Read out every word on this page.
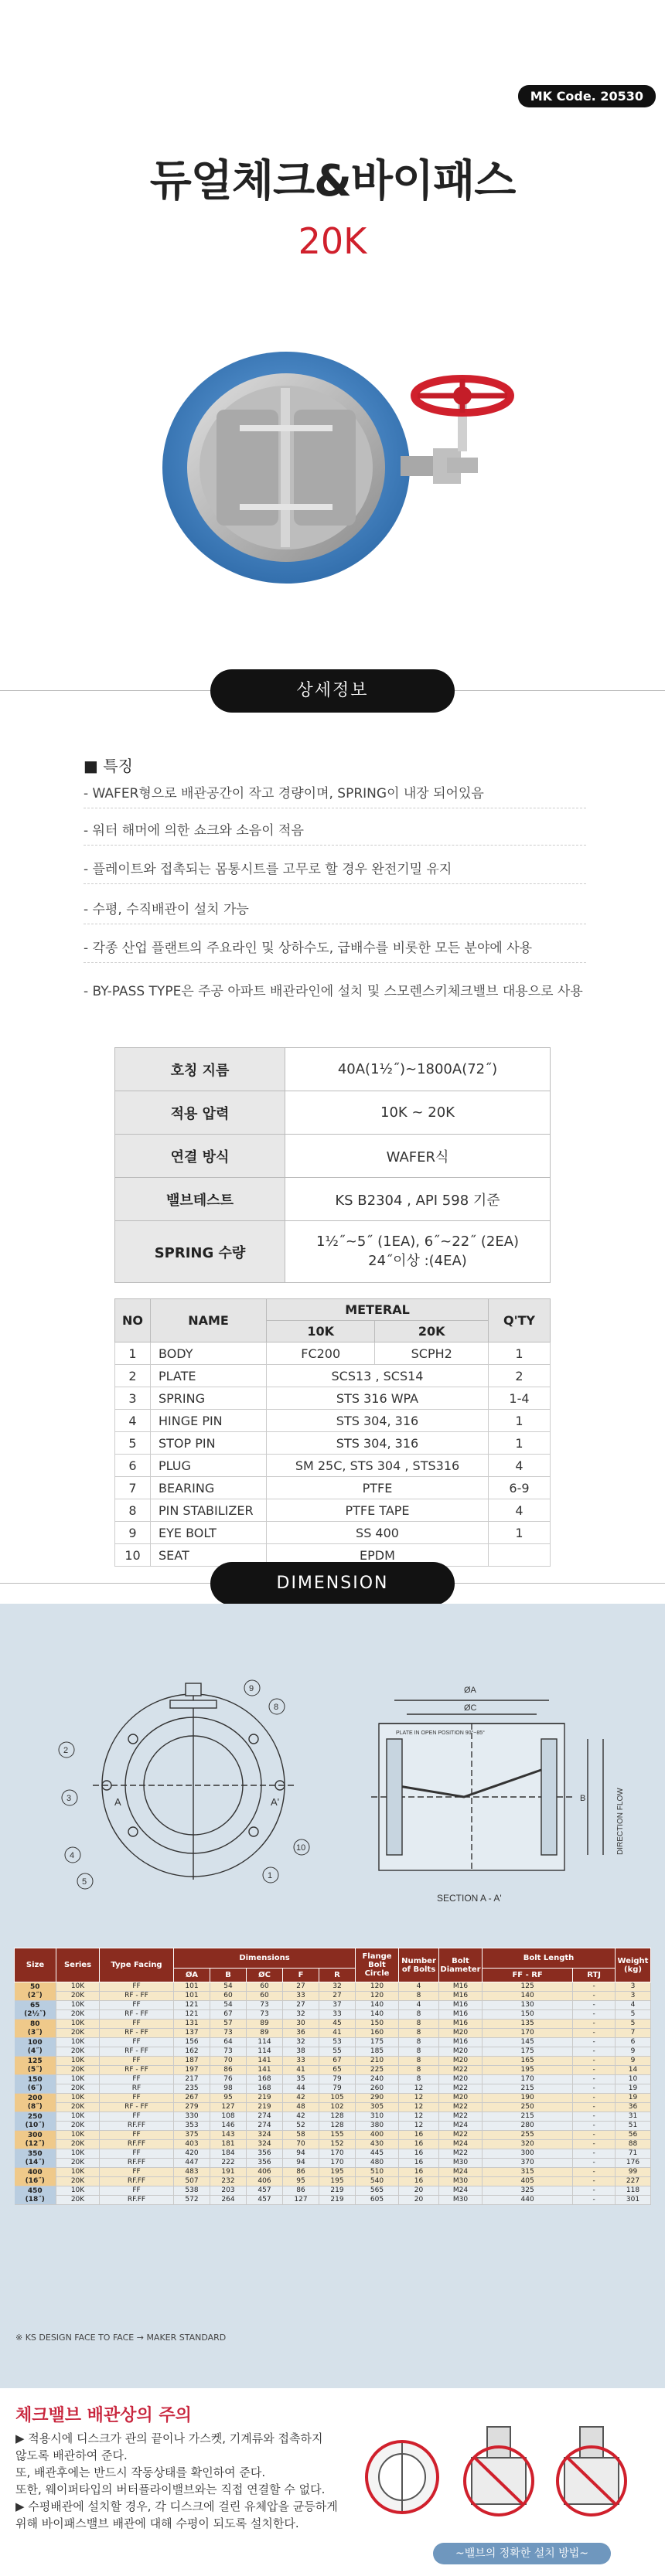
MK Code. 20530
듀얼체크&바이패스
20K
상세정보
■ 특징
- WAFER형으로 배관공간이 작고 경량이며, SPRING이 내장 되어있음
- 워터 해머에 의한 쇼크와 소음이 적음
- 플레이트와 접촉되는 몸통시트를 고무로 할 경우 완전기밀 유지
- 수평, 수직배관이 설치 가능
- 각종 산업 플랜트의 주요라인 및 상하수도, 급배수를 비롯한 모든 분야에 사용
- BY-PASS TYPE은 주공 아파트 배관라인에 설치 및 스모렌스키체크밸브 대용으로 사용
호칭 지름	40A(1½˝)~1800A(72˝)
적용 압력	10K ~ 20K
연결 방식	WAFER식
밸브테스트	KS B2304 , API 598 기준
SPRING 수량	1½˝~5˝ (1EA), 6˝~22˝ (2EA)
24˝이상 :(4EA)
NO	NAME	METERAL		Q'TY
		10K	20K	
1	BODY	FC200	SCPH2	1
2	PLATE	SCS13 , SCS14		2
3	SPRING	STS 316 WPA		1-4
4	HINGE PIN	STS 304, 316		1
5	STOP PIN	STS 304, 316		1
6	PLUG	SM 25C, STS 304 , STS316		4
7	BEARING	PTFE		6-9
8	PIN STABILIZER	PTFE TAPE		4
9	EYE BOLT	SS 400		1
10	SEAT	EPDM		
DIMENSION
9
8
2
3
4
5
10
1
A	A'
ØA
ØC
PLATE IN OPEN POSITION 90°~85°
B
SECTION A - A'
DIRECTION FLOW
Size	Series	Type Facing	Dimensions					Flange Bolt Circle	Number of Bolts	Bolt Diameter	Bolt Length		Weight (kg)
			ØA	B	ØC	F	R				FF - RF	RTJ	

50
(2˝)	10K	FF	101	54	60	27	32	120	4	M16	125	-	3
	20K	RF - FF	101	60	60	33	27	120	8	M16	140	-	3

65
(2½˝)	10K	FF	121	54	73	27	37	140	4	M16	130	-	4
	20K	RF - FF	121	67	73	32	33	140	8	M16	150	-	5

80
(3˝)	10K	FF	131	57	89	30	45	150	8	M16	135	-	5
	20K	RF - FF	137	73	89	36	41	160	8	M20	170	-	7

100
(4˝)	10K	FF	156	64	114	32	53	175	8	M16	145	-	6
	20K	RF - FF	162	73	114	38	55	185	8	M20	175	-	9

125
(5˝)	10K	FF	187	70	141	33	67	210	8	M20	165	-	9
	20K	RF - FF	197	86	141	41	65	225	8	M22	195	-	14

150
(6˝)	10K	FF	217	76	168	35	79	240	8	M20	170	-	10
	20K	RF	235	98	168	44	79	260	12	M22	215	-	19

200
(8˝)	10K	FF	267	95	219	42	105	290	12	M20	190	-	19
	20K	RF - FF	279	127	219	48	102	305	12	M22	250	-	36

250
(10˝)	10K	FF	330	108	274	42	128	310	12	M22	215	-	31
	20K	RF.FF	353	146	274	52	128	380	12	M24	280	-	51

300
(12˝)	10K	FF	375	143	324	58	155	400	16	M22	255	-	56
	20K	RF.FF	403	181	324	70	152	430	16	M24	320	-	88

350
(14˝)	10K	FF	420	184	356	94	170	445	16	M22	300	-	71
	20K	RF.FF	447	222	356	94	170	480	16	M30	370	-	176

400
(16˝)	10K	FF	483	191	406	86	195	510	16	M24	315	-	99
	20K	RF.FF	507	232	406	95	195	540	16	M30	405	-	227

450
(18˝)	10K	FF	538	203	457	86	219	565	20	M24	325	-	118
	20K	RF.FF	572	264	457	127	219	605	20	M30	440	-	301
※ KS DESIGN FACE TO FACE → MAKER STANDARD
체크밸브 배관상의 주의
▶ 적용시에 디스크가 관의 끝이나 가스켓, 기계류와 접촉하지
않도록 배관하여 준다.
또, 배관후에는 반드시 작동상태를 확인하여 준다.
또한, 웨이퍼타입의 버터플라이밸브와는 직접 연결할 수 없다.
▶ 수평배관에 설치할 경우, 각 디스크에 걸린 유체압을 균등하게
위해 바이패스밸브 배관에 대해 수평이 되도록 설치한다.
~밸브의 정확한 설치 방법~
